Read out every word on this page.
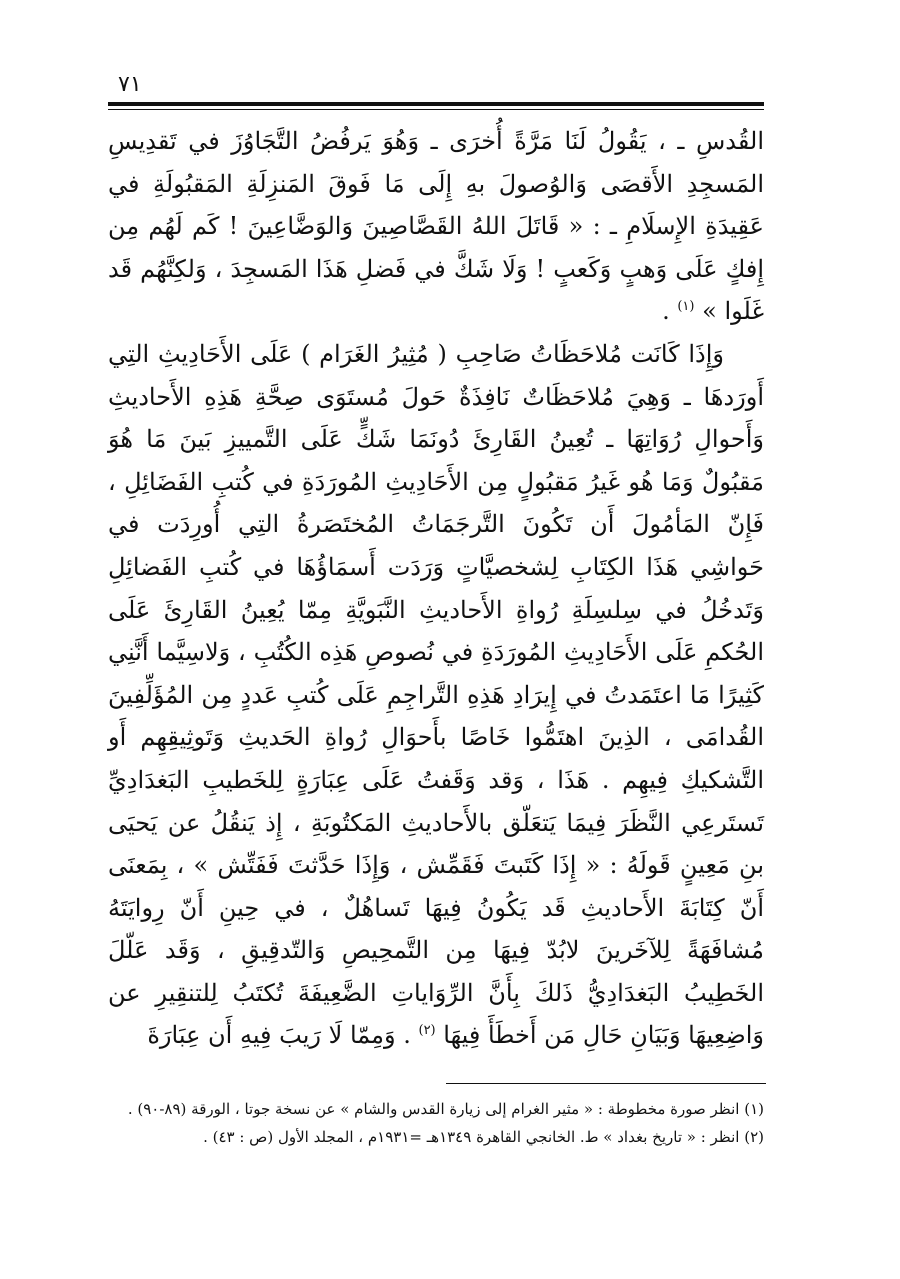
٧١

القُدسِ ـ ، يَقُولُ لَنَا مَرَّةً أُخرَى ـ وَهُوَ يَرفُضُ التَّجَاوُزَ في تَقدِيسِ المَسجِدِ الأَقصَى وَالوُصولَ بهِ إِلَى مَا فَوقَ المَنزِلَةِ المَقبُولَةِ في عَقِيدَةِ الإِسلَامِ ـ : « قَاتَلَ اللهُ القَصَّاصِينَ وَالوَضَّاعِينَ ! كَم لَهُم مِن إِفكٍ عَلَى وَهبٍ وَكَعبٍ ! وَلَا شَكَّ في فَضلِ هَذَا المَسجِدَ ، وَلكِنَّهُم قَد غَلَوا » $^{(١)}$ .

وَإِذَا كَانَت مُلاحَظَاتُ صَاحِبِ ( مُثِيرُ الغَرَام ) عَلَى الأَحَادِيثِ التِي أَورَدهَا ـ وَهِيَ مُلاحَظَاتٌ نَافِذَةٌ حَولَ مُستَوَى صِحَّةِ هَذِهِ الأَحاديثِ وَأَحوالِ رُوَاتِهَا ـ تُعِينُ القَارِئَ دُونَمَا شَكٍّ عَلَى التَّمييزِ بَينَ مَا هُوَ مَقبُولٌ وَمَا هُو غَيرُ مَقبُولٍ مِن الأَحَادِيثِ المُورَدَةِ في كُتبِ الفَضَائِلِ ، فَإِنّ المَأمُولَ أَن تَكُونَ التَّرجَمَاتُ المُختَصَرةُ التِي أُورِدَت في حَواشِي هَذَا الكِتَابِ لِشخصيَّاتٍ وَرَدَت أَسمَاؤُهَا في كُتبِ الفَضائِلِ وَتَدخُلُ في سِلسِلَةِ رُواةِ الأَحاديثِ النَّبَويَّةِ مِمّا يُعِينُ القَارِئَ عَلَى الحُكمِ عَلَى الأَحَادِيثِ المُورَدَةِ في نُصوصِ هَذِه الكُتُبِ ، وَلاسِيَّما أَنَّنِي كَثِيرًا مَا اعتَمَدتُ في إِيرَادِ هَذِهِ التَّراجِمِ عَلَى كُتبِ عَددٍ مِن المُؤَلِّفِينَ القُدامَى ، الذِينَ اهتَمُّوا خَاصًا بأَحوَالِ رُواةِ الحَديثِ وَتَوثِيقِهِم أَو التَّشكيكِ فِيهِم . هَذَا ، وَقد وَقَفتُ عَلَى عِبَارَةٍ لِلخَطيبِ البَغدَادِيِّ تَستَرعِي النَّظَرَ فِيمَا يَتعَلّق بالأَحاديثِ المَكتُوبَةِ ، إِذ يَنقُلُ عن يَحيَى بنِ مَعِينٍ قَولَهُ : « إِذَا كَتَبتَ فَقَمِّش ، وَإِذَا حَدَّثتَ فَفَتِّش » ، بِمَعنَى أَنّ كِتَابَةَ الأَحاديثِ قَد يَكُونُ فِيهَا تَساهُلٌ ، في حِينِ أَنّ رِوايَتَهُ مُشافَهَةً لِلآخَرينَ لابُدّ فِيهَا مِن التَّمحِيصِ وَالتّدقِيقِ ، وَقَد عَلّلَ الخَطِيبُ البَغدَادِيُّ ذَلكَ بِأَنَّ الرِّوَاياتِ الضَّعِيفَةَ تُكتَبُ لِلتنقِيرِ عن وَاضِعِيهَا وَبَيَانِ حَالِ مَن أَخطَأَ فِيهَا $^{(٢)}$ . وَمِمّا لَا رَيبَ فِيهِ أَن عِبَارَةَ

(١) انظر صورة مخطوطة : « مثير الغرام إلى زيارة القدس والشام » عن نسخة جوتا ، الورقة (٨٩-٩٠) .
(٢) انظر : « تاريخ بغداد » ط. الخانجي القاهرة ١٣٤٩هـ =١٩٣١م ، المجلد الأول (ص : ٤٣) .
